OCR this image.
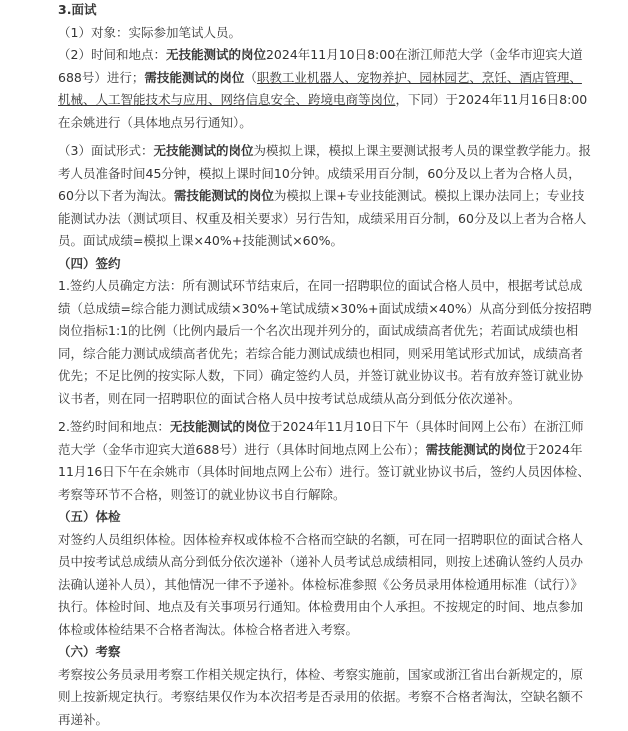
3.面试

（1）对象：实际参加笔试人员。

（2）时间和地点：无技能测试的岗位2024年11月10日8:00在浙江师范大学（金华市迎宾大道688号）进行；需技能测试的岗位（职教工业机器人、宠物养护、园林园艺、烹饪、酒店管理、机械、人工智能技术与应用、网络信息安全、跨境电商等岗位，下同）于2024年11月16日8:00在余姚进行（具体地点另行通知）。

（3）面试形式：无技能测试的岗位为模拟上课，模拟上课主要测试报考人员的课堂教学能力。报考人员准备时间45分钟，模拟上课时间10分钟。成绩采用百分制，60分及以上者为合格人员，60分以下者为淘汰。需技能测试的岗位为模拟上课+专业技能测试。模拟上课办法同上；专业技能测试办法（测试项目、权重及相关要求）另行告知，成绩采用百分制，60分及以上者为合格人员。面试成绩=模拟上课×40%+技能测试×60%。

（四）签约

1.签约人员确定方法：所有测试环节结束后，在同一招聘职位的面试合格人员中，根据考试总成绩（总成绩=综合能力测试成绩×30%+笔试成绩×30%+面试成绩×40%）从高分到低分按招聘岗位指标1:1的比例（比例内最后一个名次出现并列分的，面试成绩高者优先；若面试成绩也相同，综合能力测试成绩高者优先；若综合能力测试成绩也相同，则采用笔试形式加试，成绩高者优先；不足比例的按实际人数，下同）确定签约人员，并签订就业协议书。若有放弃签订就业协议书者，则在同一招聘职位的面试合格人员中按考试总成绩从高分到低分依次递补。

2.签约时间和地点：无技能测试的岗位于2024年11月10日下午（具体时间网上公布）在浙江师范大学（金华市迎宾大道688号）进行（具体时间地点网上公布）；需技能测试的岗位于2024年11月16日下午在余姚市（具体时间地点网上公布）进行。签订就业协议书后，签约人员因体检、考察等环节不合格，则签订的就业协议书自行解除。

（五）体检

对签约人员组织体检。因体检弃权或体检不合格而空缺的名额，可在同一招聘职位的面试合格人员中按考试总成绩从高分到低分依次递补（递补人员考试总成绩相同，则按上述确认签约人员办法确认递补人员），其他情况一律不予递补。体检标准参照《公务员录用体检通用标准（试行）》执行。体检时间、地点及有关事项另行通知。体检费用由个人承担。不按规定的时间、地点参加体检或体检结果不合格者淘汰。体检合格者进入考察。

（六）考察

考察按公务员录用考察工作相关规定执行，体检、考察实施前，国家或浙江省出台新规定的，原则上按新规定执行。考察结果仅作为本次招考是否录用的依据。考察不合格者淘汰，空缺名额不再递补。
